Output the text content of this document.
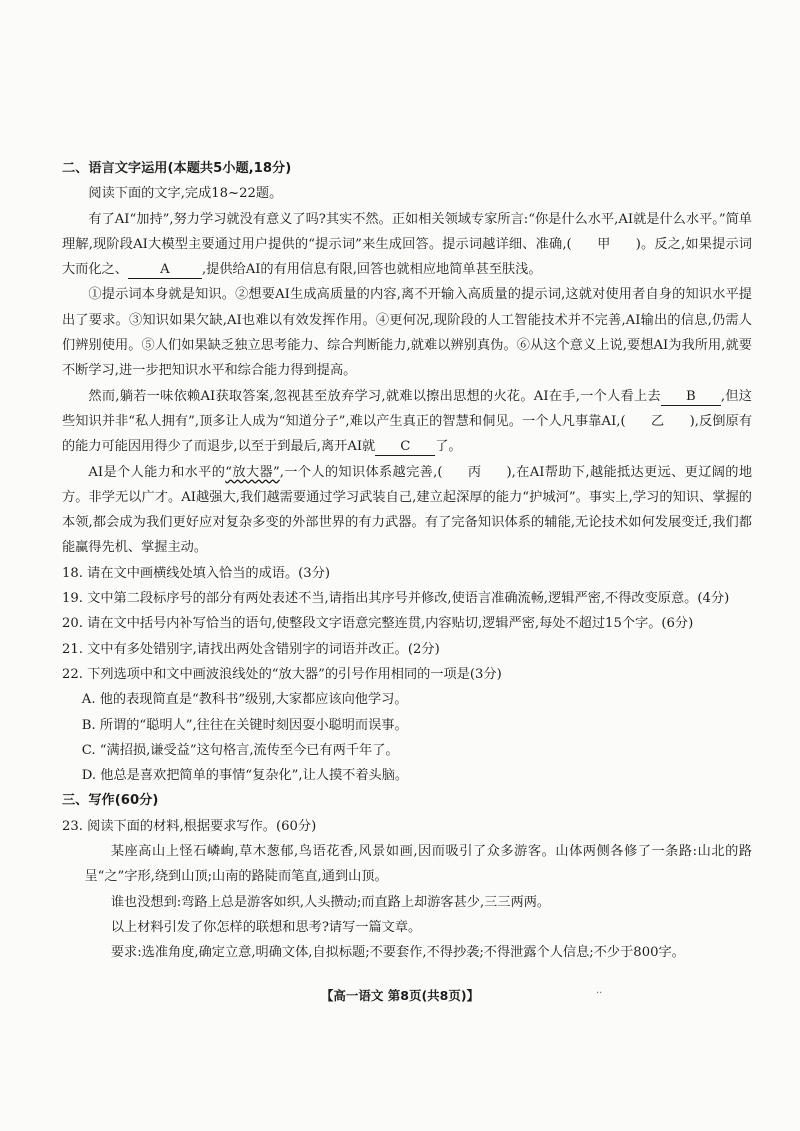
二、语言文字运用(本题共5小题,18分)

阅读下面的文字,完成18~22题。

有了AI“加持”,努力学习就没有意义了吗?其实不然。正如相关领域专家所言:“你是什么水平,AI就是什么水平。”简单理解,现阶段AI大模型主要通过用户提供的“提示词”来生成回答。提示词越详细、准确,( 甲 )。反之,如果提示词大而化之、 A ,提供给AI的有用信息有限,回答也就相应地简单甚至肤浅。

①提示词本身就是知识。②想要AI生成高质量的内容,离不开输入高质量的提示词,这就对使用者自身的知识水平提出了要求。③知识如果欠缺,AI也难以有效发挥作用。④更何况,现阶段的人工智能技术并不完善,AI输出的信息,仍需人们辨别使用。⑤人们如果缺乏独立思考能力、综合判断能力,就难以辨别真伪。⑥从这个意义上说,要想AI为我所用,就要不断学习,进一步把知识水平和综合能力得到提高。

然而,躺若一味依赖AI获取答案,忽视甚至放弃学习,就难以擦出思想的火花。AI在手,一个人看上去 B ,但这些知识并非“私人拥有”,顶多让人成为“知道分子”,难以产生真正的智慧和侗见。一个人凡事靠AI,( 乙 ),反倒原有的能力可能因用得少了而退步,以至于到最后,离开AI就 C 了。

AI是个人能力和水平的“放大器”,一个人的知识体系越完善,( 丙 ),在AI帮助下,越能抵达更远、更辽阔的地方。非学无以广才。AI越强大,我们越需要通过学习武装自己,建立起深厚的能力“护城河”。事实上,学习的知识、掌握的本领,都会成为我们更好应对复杂多变的外部世界的有力武器。有了完备知识体系的辅能,无论技术如何发展变迁,我们都能赢得先机、掌握主动。

18. 请在文中画横线处填入恰当的成语。(3分)

19. 文中第二段标序号的部分有两处表述不当,请指出其序号并修改,使语言准确流畅,逻辑严密,不得改变原意。(4分)

20. 请在文中括号内补写恰当的语句,使整段文字语意完整连贯,内容贴切,逻辑严密,每处不超过15个字。(6分)

21. 文中有多处错别字,请找出两处含错别字的词语并改正。(2分)

22. 下列选项中和文中画波浪线处的“放大器”的引号作用相同的一项是(3分)

A. 他的表现简直是“教科书”级别,大家都应该向他学习。

B. 所谓的“聪明人”,往往在关键时刻因耍小聪明而误事。

C. “满招损,谦受益”这句格言,流传至今已有两千年了。

D. 他总是喜欢把简单的事情“复杂化”,让人摸不着头脑。

三、写作(60分)

23. 阅读下面的材料,根据要求写作。(60分)

某座高山上怪石嶙峋,草木葱郁,鸟语花香,风景如画,因而吸引了众多游客。山体两侧各修了一条路:山北的路呈“之”字形,绕到山顶;山南的路陡而笔直,通到山顶。

谁也没想到:弯路上总是游客如织,人头攒动;而直路上却游客甚少,三三两两。

以上材料引发了你怎样的联想和思考?请写一篇文章。

要求:选准角度,确定立意,明确文体,自拟标题;不要套作,不得抄袭;不得泄露个人信息;不少于800字。

【高一语文 第8页(共8页)】	··
